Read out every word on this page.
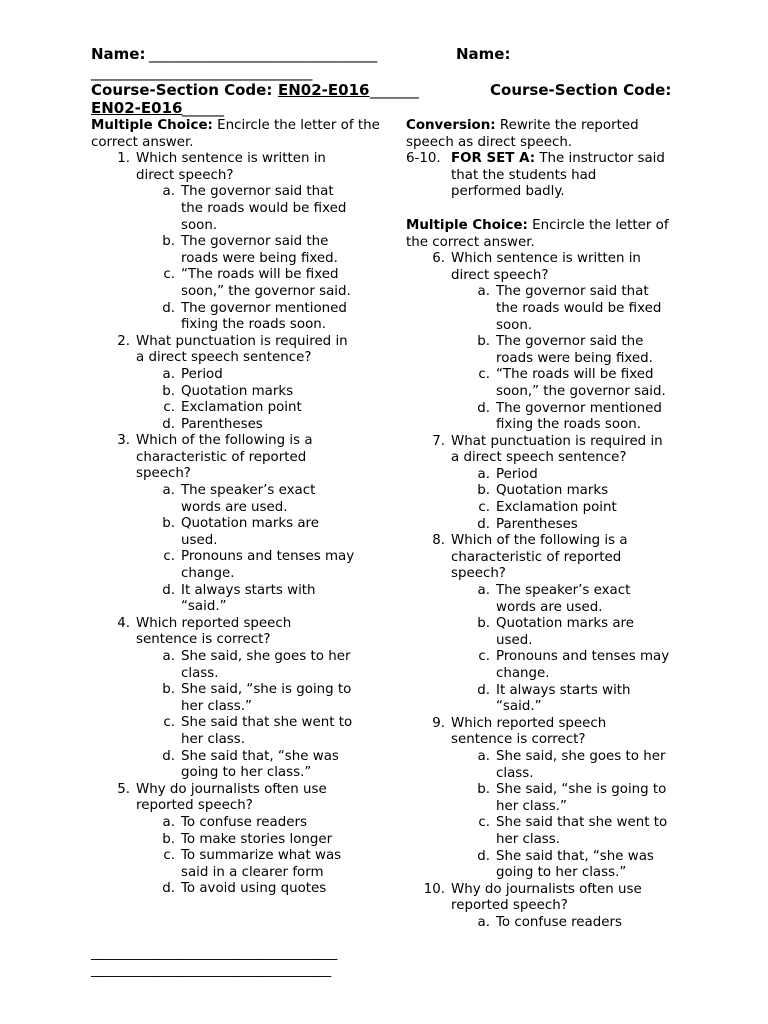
Name: _________________________________	Name:
________________________________
Course-Section Code: EN02-E016 _______	Course-Section Code:
EN02-E016 ______
Multiple Choice: Encircle the letter of the correct answer.
1. Which sentence is written in
direct speech?
a. The governor said that
the roads would be fixed
soon.
b. The governor said the
roads were being fixed.
c. “The roads will be fixed
soon,” the governor said.
d. The governor mentioned
fixing the roads soon.
2. What punctuation is required in
a direct speech sentence?
a. Period
b. Quotation marks
c. Exclamation point
d. Parentheses
3. Which of the following is a
characteristic of reported
speech?
a. The speaker’s exact
words are used.
b. Quotation marks are
used.
c. Pronouns and tenses may
change.
d. It always starts with
“said.”
4. Which reported speech
sentence is correct?
a. She said, she goes to her
class.
b. She said, “she is going to
her class.”
c. She said that she went to
her class.
d. She said that, “she was
going to her class.”
5. Why do journalists often use
reported speech?
a. To confuse readers
b. To make stories longer
c. To summarize what was
said in a clearer form
d. To avoid using quotes
________________________________________
_______________________________________
Conversion: Rewrite the reported
speech as direct speech.
6-10. FOR SET A: The instructor said
that the students had
performed badly.
Multiple Choice: Encircle the letter of
the correct answer.
6. Which sentence is written in
direct speech?
a. The governor said that
the roads would be fixed
soon.
b. The governor said the
roads were being fixed.
c. “The roads will be fixed
soon,” the governor said.
d. The governor mentioned
fixing the roads soon.
7. What punctuation is required in
a direct speech sentence?
a. Period
b. Quotation marks
c. Exclamation point
d. Parentheses
8. Which of the following is a
characteristic of reported
speech?
a. The speaker’s exact
words are used.
b. Quotation marks are
used.
c. Pronouns and tenses may
change.
d. It always starts with
“said.”
9. Which reported speech
sentence is correct?
a. She said, she goes to her
class.
b. She said, “she is going to
her class.”
c. She said that she went to
her class.
d. She said that, “she was
going to her class.”
10. Why do journalists often use
reported speech?
a. To confuse readers
